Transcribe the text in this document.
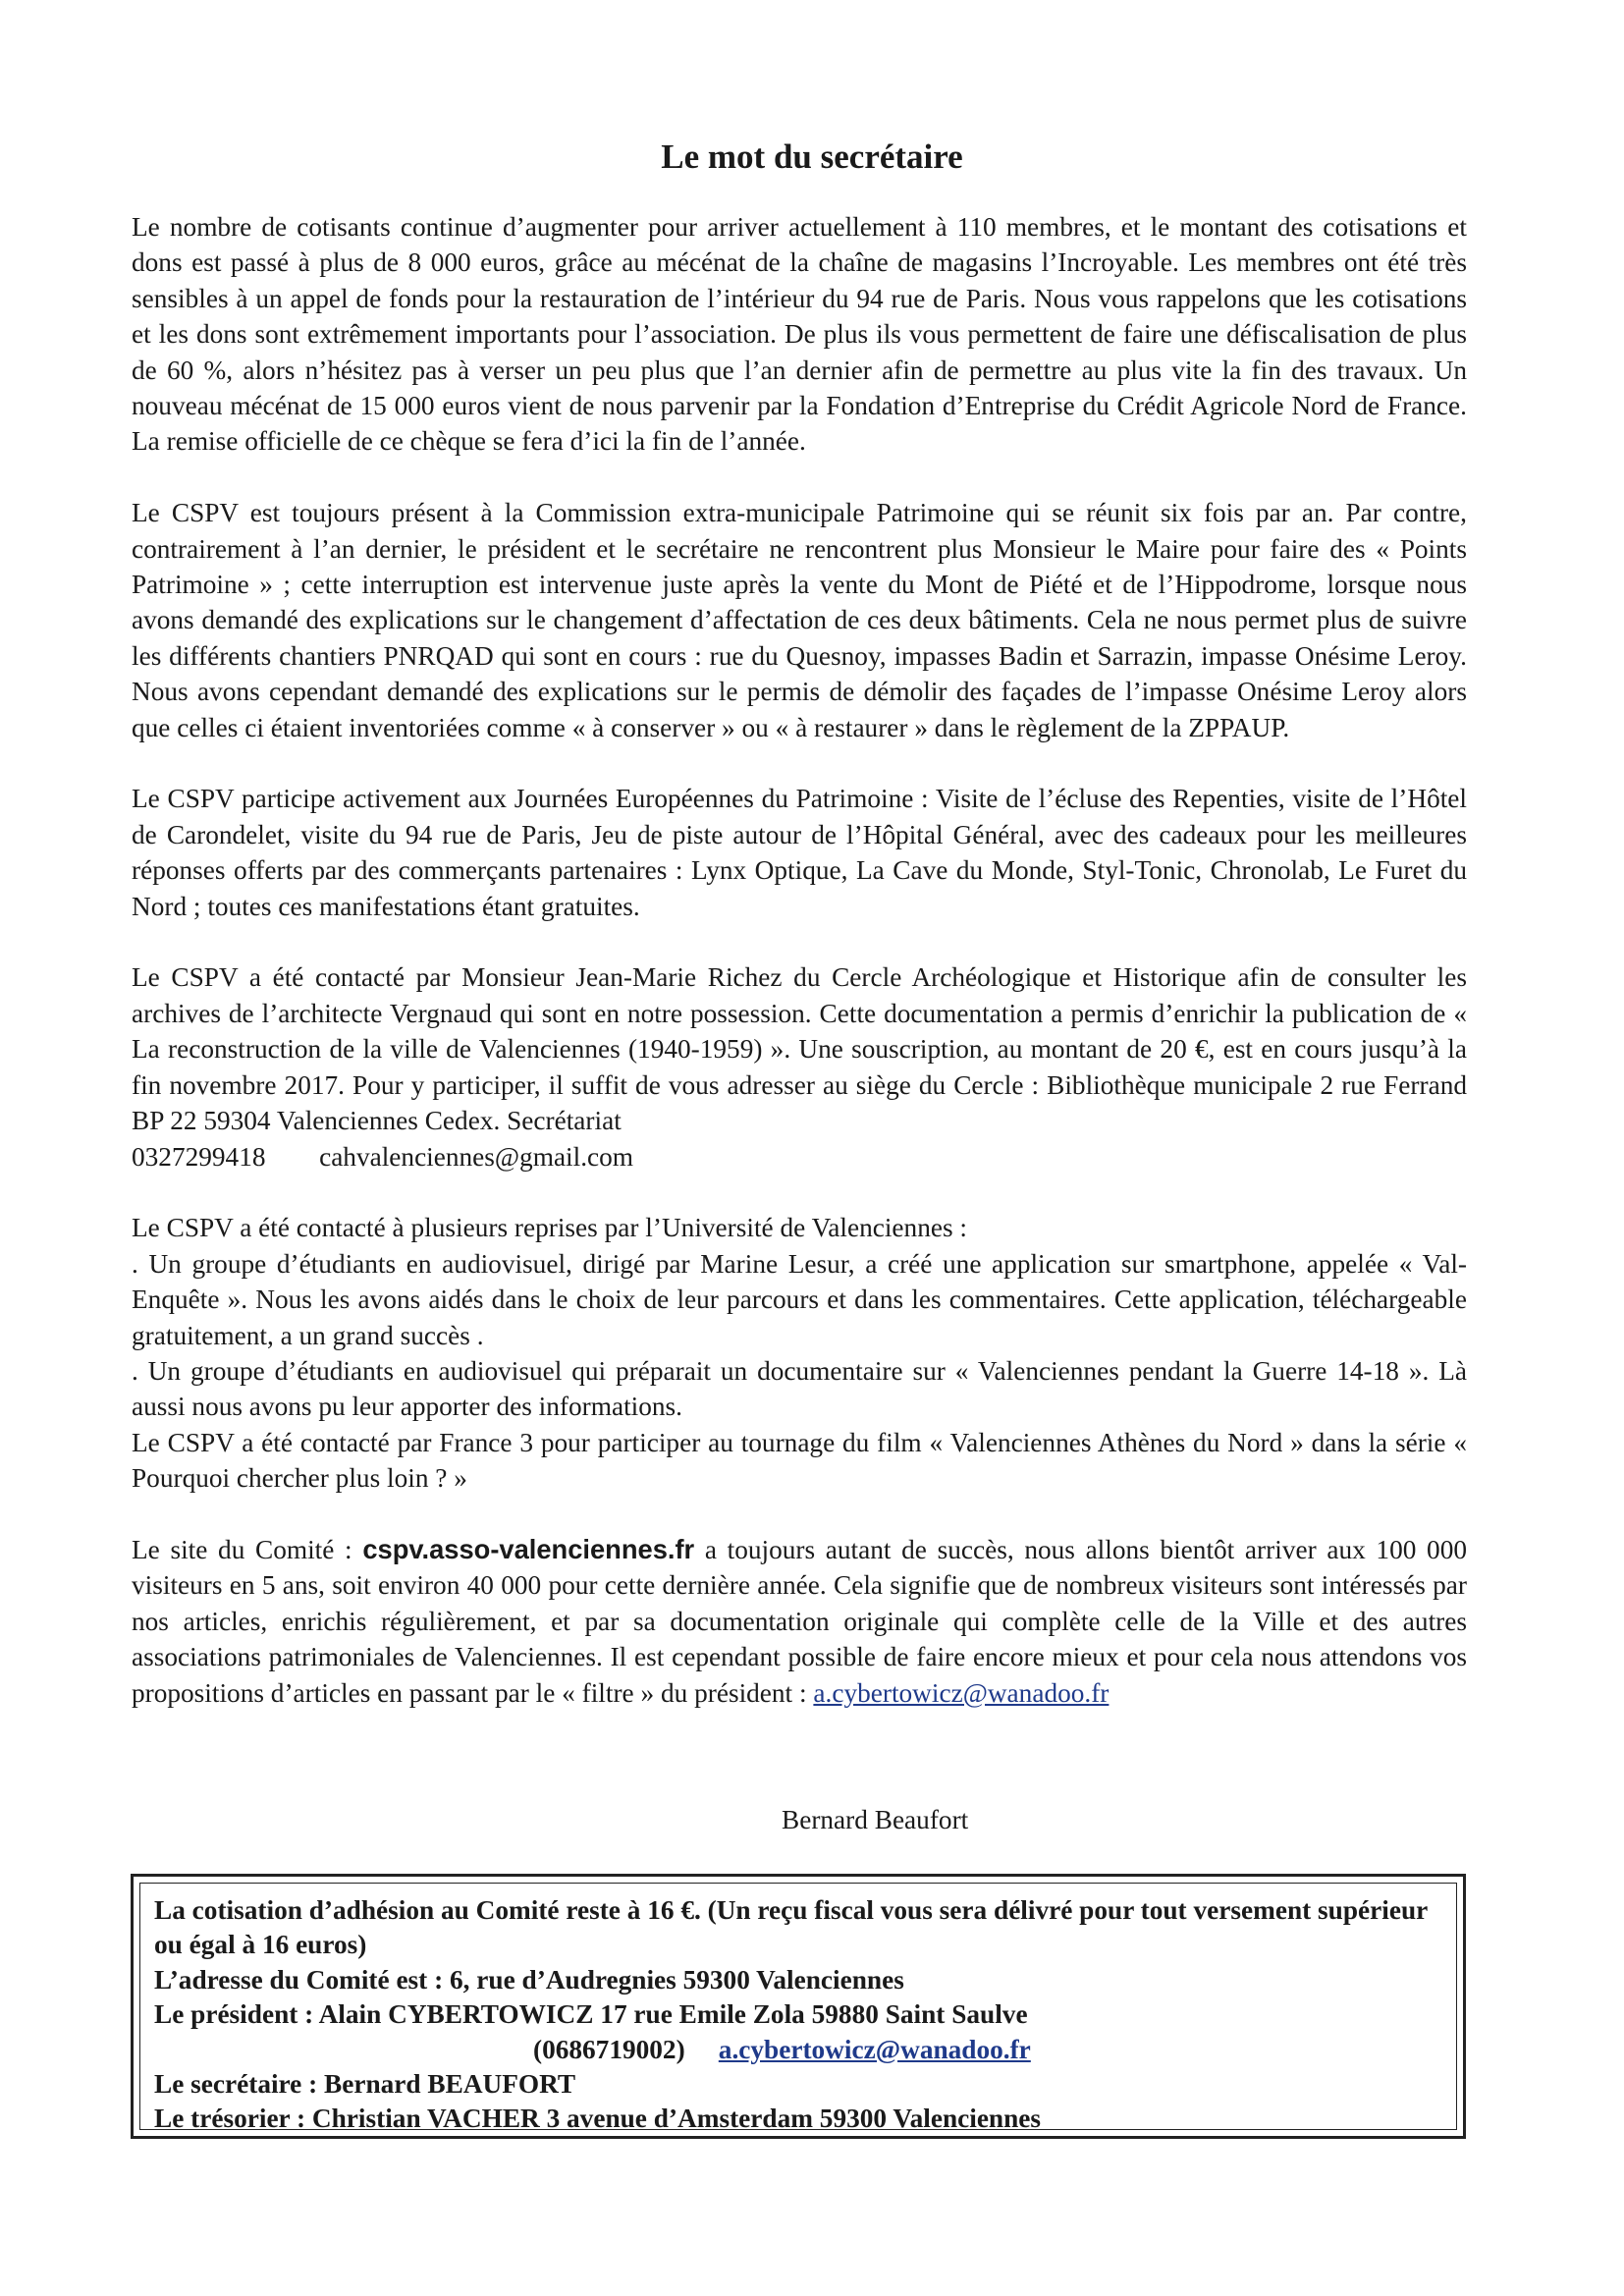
Le mot du secrétaire

Le nombre de cotisants continue d’augmenter pour arriver actuellement à 110 membres, et le montant des cotisations et dons est passé à plus de 8 000 euros, grâce au mécénat de la chaîne de magasins l’Incroyable. Les membres ont été très sensibles à un appel de fonds pour la restauration de l’intérieur du 94 rue de Paris. Nous vous rappelons que les cotisations et les dons sont extrêmement importants pour l’association. De plus ils vous permettent de faire une défiscalisation de plus de 60 %, alors n’hésitez pas à verser un peu plus que l’an dernier afin de permettre au plus vite la fin des travaux. Un nouveau mécénat de 15 000 euros vient de nous parvenir par la Fondation d’Entreprise du Crédit Agricole Nord de France. La remise officielle de ce chèque se fera d’ici la fin de l’année.

Le CSPV est toujours présent à la Commission extra-municipale Patrimoine qui se réunit six fois par an. Par contre, contrairement à l’an dernier, le président et le secrétaire ne rencontrent plus Monsieur le Maire pour faire des « Points Patrimoine » ; cette interruption est intervenue juste après la vente du Mont de Piété et de l’Hippodrome, lorsque nous avons demandé des explications sur le changement d’affectation de ces deux bâtiments. Cela ne nous permet plus de suivre les différents chantiers PNRQAD qui sont en cours : rue du Quesnoy, impasses Badin et Sarrazin, impasse Onésime Leroy. Nous avons cependant demandé des explications sur le permis de démolir des façades de l’impasse Onésime Leroy alors que celles ci étaient inventoriées comme « à conserver » ou « à restaurer » dans le règlement de la ZPPAUP.

Le CSPV participe activement aux Journées Européennes du Patrimoine : Visite de l’écluse des Repenties, visite de l’Hôtel de Carondelet, visite du 94 rue de Paris, Jeu de piste autour de l’Hôpital Général, avec des cadeaux pour les meilleures réponses offerts par des commerçants partenaires : Lynx Optique, La Cave du Monde, Styl-Tonic, Chronolab, Le Furet du Nord ; toutes ces manifestations étant gratuites.

Le CSPV a été contacté par Monsieur Jean-Marie Richez du Cercle Archéologique et Historique afin de consulter les archives de l’architecte Vergnaud qui sont en notre possession. Cette documentation a permis d’enrichir la publication de « La reconstruction de la ville de Valenciennes (1940-1959) ». Une souscription, au montant de 20 €, est en cours jusqu’à la fin novembre 2017. Pour y participer, il suffit de vous adresser au siège du Cercle : Bibliothèque municipale 2 rue Ferrand BP 22 59304 Valenciennes Cedex. Secrétariat
0327299418        cahvalenciennes@gmail.com

Le CSPV a été contacté à plusieurs reprises par l’Université de Valenciennes :
. Un groupe d’étudiants en audiovisuel, dirigé par Marine Lesur, a créé une application sur smartphone, appelée « Val-Enquête ». Nous les avons aidés dans le choix de leur parcours et dans les commentaires. Cette application, téléchargeable gratuitement, a un grand succès .
. Un groupe d’étudiants en audiovisuel qui préparait un documentaire sur « Valenciennes pendant la Guerre 14-18 ». Là aussi nous avons pu leur apporter des informations.
Le CSPV a été contacté par France 3 pour participer au tournage du film « Valenciennes Athènes du Nord » dans la série « Pourquoi chercher plus loin ? »

Le site du Comité : cspv.asso-valenciennes.fr a toujours autant de succès, nous allons bientôt arriver aux 100 000 visiteurs en 5 ans, soit environ 40 000 pour cette dernière année. Cela signifie que de nombreux visiteurs sont intéressés par nos articles, enrichis régulièrement, et par sa documentation originale qui complète celle de la Ville et des autres associations patrimoniales de Valenciennes. Il est cependant possible de faire encore mieux et pour cela nous attendons vos propositions d’articles en passant par le « filtre » du président : a.cybertowicz@wanadoo.fr

Bernard Beaufort
La cotisation d’adhésion au Comité reste à 16 €. (Un reçu fiscal vous sera délivré pour tout versement supérieur ou égal à 16 euros)
L’adresse du Comité est : 6, rue d’Audregnies 59300 Valenciennes
Le président : Alain CYBERTOWICZ 17 rue Emile Zola 59880 Saint Saulve
(0686719002) a.cybertowicz@wanadoo.fr
Le secrétaire : Bernard BEAUFORT
Le trésorier : Christian VACHER 3 avenue d’Amsterdam 59300 Valenciennes
